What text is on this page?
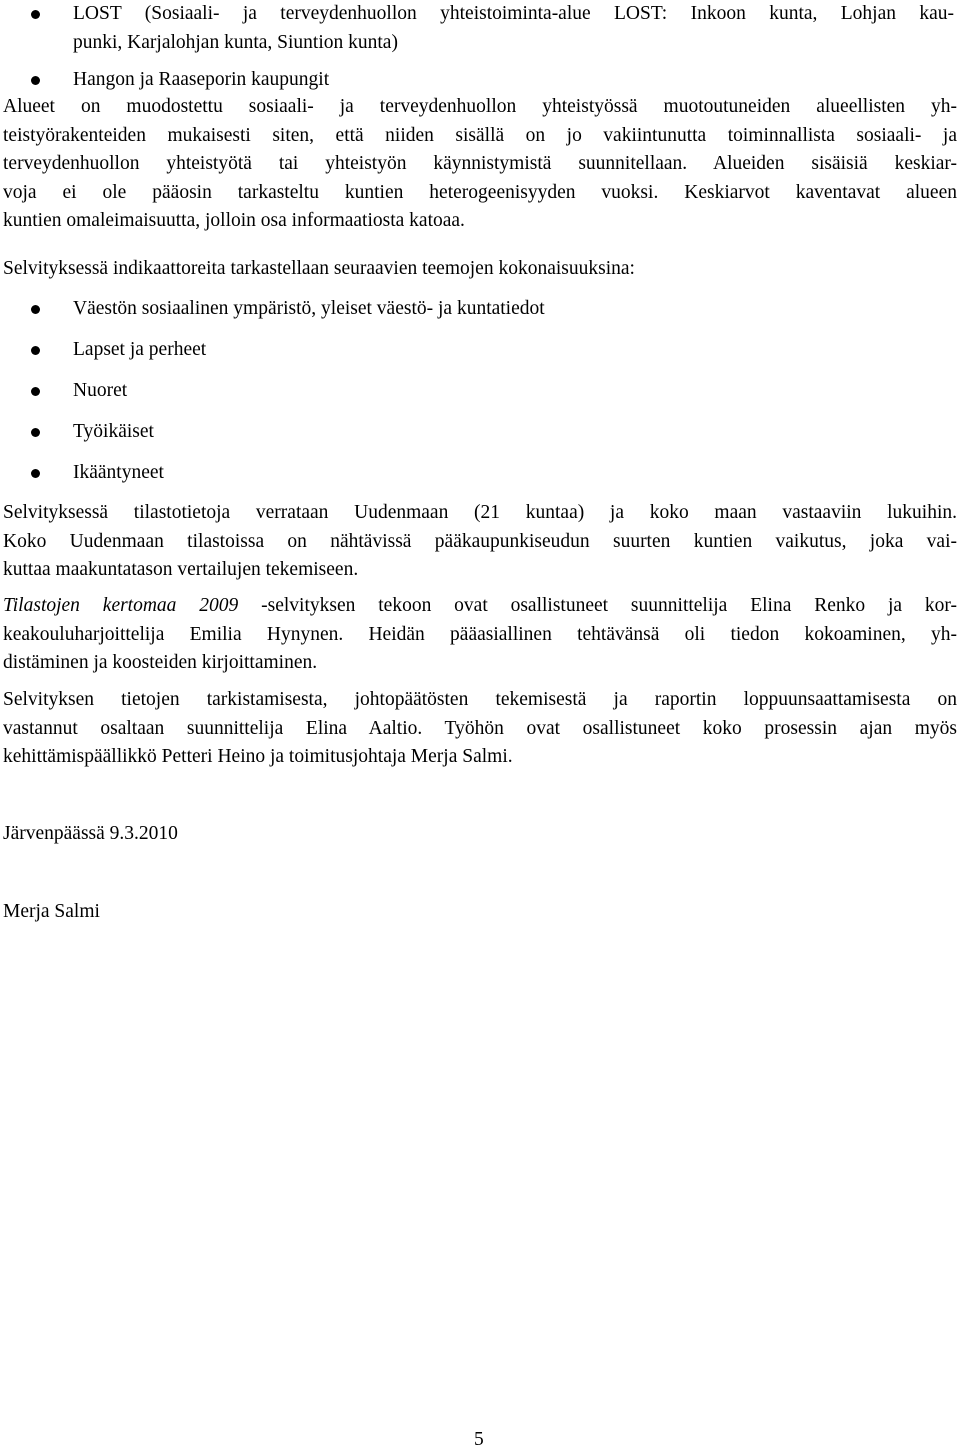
LOST (Sosiaali- ja terveydenhuollon yhteistoiminta-alue LOST: Inkoon kunta, Lohjan kau-
punki, Karjalohjan kunta, Siuntion kunta)
Hangon ja Raaseporin kaupungit
Alueet on muodostettu sosiaali- ja terveydenhuollon yhteistyössä muotoutuneiden alueellisten yh-
teistyörakenteiden mukaisesti siten, että niiden sisällä on jo vakiintunutta toiminnallista sosiaali- ja
terveydenhuollon yhteistyötä tai yhteistyön käynnistymistä suunnitellaan. Alueiden sisäisiä keskiar-
voja ei ole pääosin tarkasteltu kuntien heterogeenisyyden vuoksi. Keskiarvot kaventavat alueen
kuntien omaleimaisuutta, jolloin osa informaatiosta katoaa.
Selvityksessä indikaattoreita tarkastellaan seuraavien teemojen kokonaisuuksina:
Väestön sosiaalinen ympäristö, yleiset väestö- ja kuntatiedot
Lapset ja perheet
Nuoret
Työikäiset
Ikääntyneet
Selvityksessä tilastotietoja verrataan Uudenmaan (21 kuntaa) ja koko maan vastaaviin lukuihin.
Koko Uudenmaan tilastoissa on nähtävissä pääkaupunkiseudun suurten kuntien vaikutus, joka vai-
kuttaa maakuntatason vertailujen tekemiseen.
Tilastojen kertomaa 2009 -selvityksen tekoon ovat osallistuneet suunnittelija Elina Renko ja kor-
keakouluharjoittelija Emilia Hynynen. Heidän pääasiallinen tehtävänsä oli tiedon kokoaminen, yh-
distäminen ja koosteiden kirjoittaminen.
Selvityksen tietojen tarkistamisesta, johtopäätösten tekemisestä ja raportin loppuunsaattamisesta on
vastannut osaltaan suunnittelija Elina Aaltio. Työhön ovat osallistuneet koko prosessin ajan myös
kehittämispäällikkö Petteri Heino ja toimitusjohtaja Merja Salmi.
Järvenpäässä 9.3.2010
Merja Salmi
5
